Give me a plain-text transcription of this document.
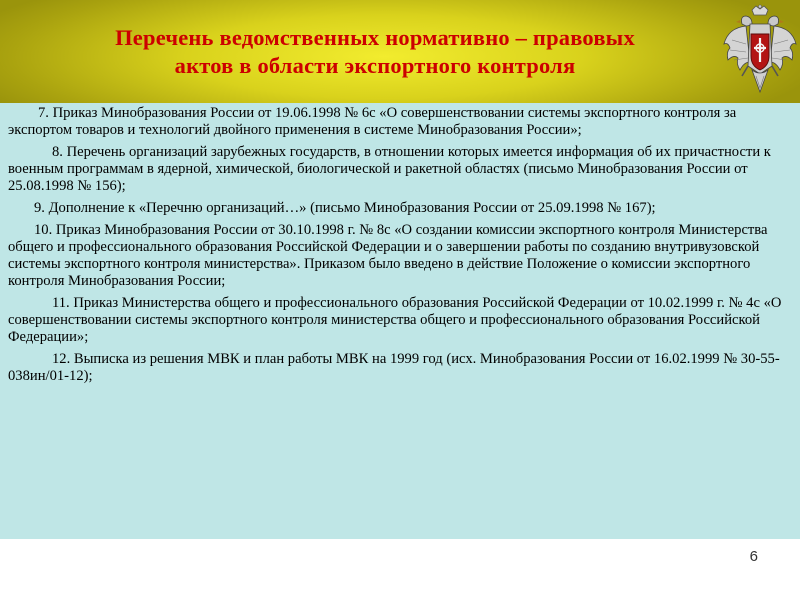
Перечень ведомственных нормативно – правовых
актов в области экспортного контроля

7. Приказ Минобразования России от 19.06.1998 № 6с «О совершенствовании системы экспортного контроля за экспортом товаров и технологий двойного применения в системе Минобразования России»;

8. Перечень организаций зарубежных государств, в отношении которых имеется информация об их причастности к военным программам в ядерной, химической, биологической и ракетной областях (письмо Минобразования России от 25.08.1998 № 156);

9. Дополнение к «Перечню организаций…» (письмо Минобразования России от 25.09.1998 № 167);

10. Приказ Минобразования России от 30.10.1998 г. № 8с «О создании комиссии экспортного контроля Министерства общего и профессионального образования Российской Федерации и о завершении работы по созданию внутривузовской системы экспортного контроля министерства». Приказом было введено в действие Положение о комиссии экспортного контроля Минобразования России;

11. Приказ Министерства общего и профессионального образования Российской Федерации от 10.02.1999 г. № 4с «О совершенствовании системы экспортного контроля министерства общего и профессионального образования Российской Федерации»;

12. Выписка из решения МВК и план работы МВК на 1999 год (исх. Минобразования России от 16.02.1999 № 30-55-038ин/01-12);

6
